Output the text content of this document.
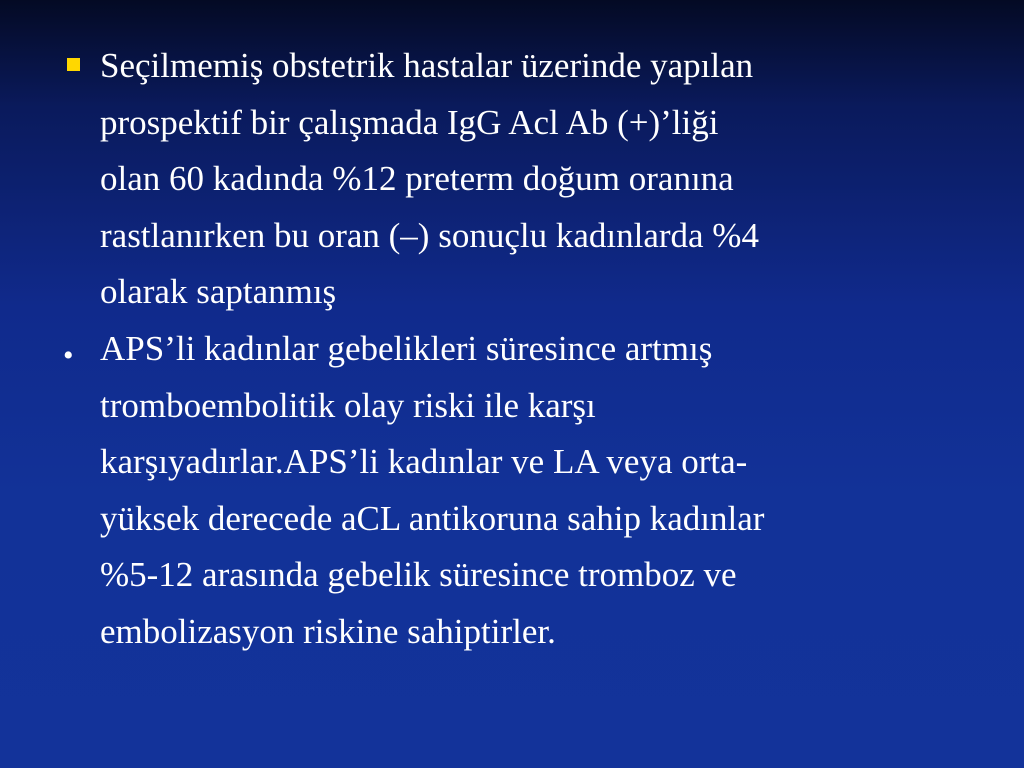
Seçilmemiş obstetrik hastalar üzerinde yapılan
prospektif bir çalışmada IgG Acl Ab (+)’liği
olan 60 kadında %12 preterm doğum oranına
rastlanırken bu oran (–) sonuçlu kadınlarda %4
olarak saptanmış
• APS’li kadınlar gebelikleri süresince artmış
tromboembolitik olay riski ile karşı
karşıyadırlar.APS’li kadınlar ve LA veya orta-
yüksek derecede aCL antikoruna sahip kadınlar
%5-12 arasında gebelik süresince tromboz ve
embolizasyon riskine sahiptirler.
